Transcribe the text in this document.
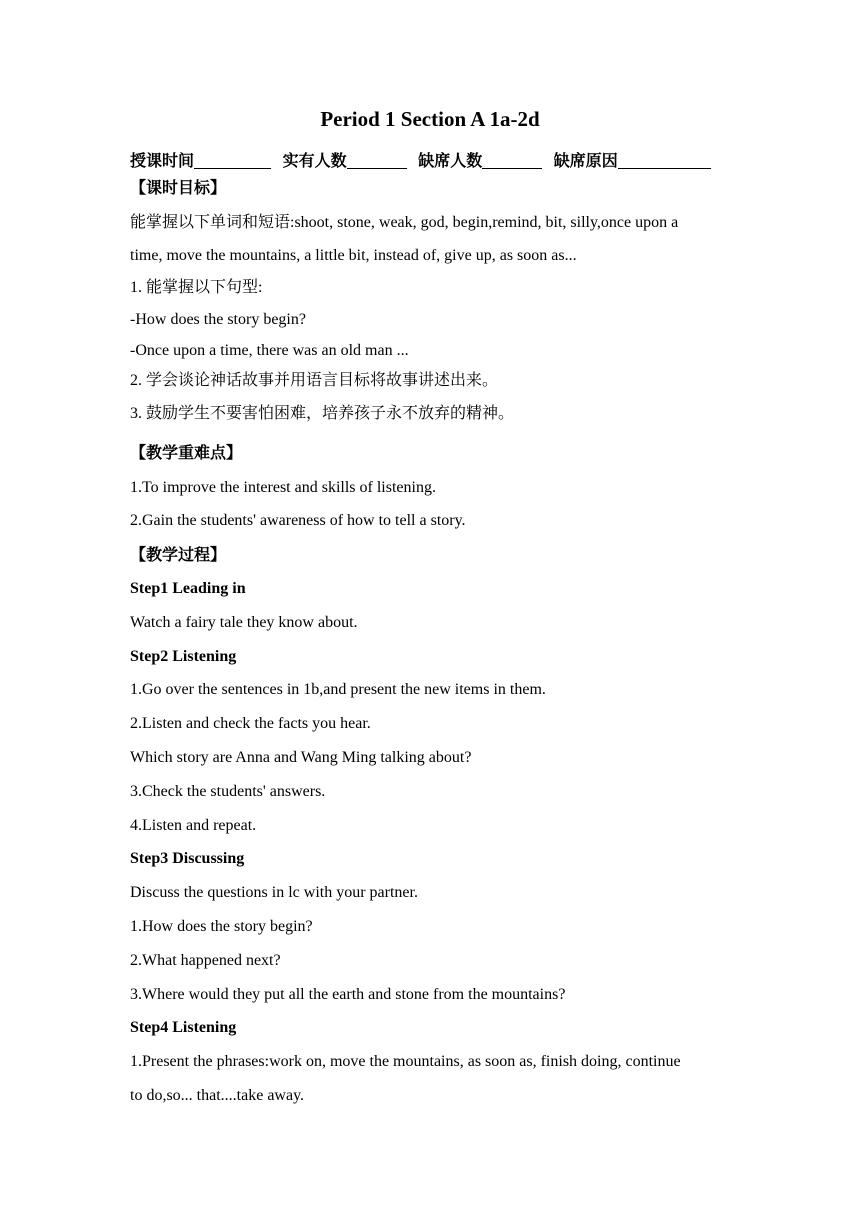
Period 1 Section A 1a-2d
授课时间	实有人数	缺席人数	缺席原因
【课时目标】
能掌握以下单词和短语:shoot, stone, weak, god, begin,remind, bit, silly,once upon a
time, move the mountains, a little bit, instead of, give up, as soon as...
1. 能掌握以下句型:
-How does the story begin?
-Once upon a time, there was an old man ...
2. 学会谈论神话故事并用语言目标将故事讲述出来。
3. 鼓励学生不要害怕困难，培养孩子永不放弃的精神。
【教学重难点】
1.To improve the interest and skills of listening.
2.Gain the students' awareness of how to tell a story.
【教学过程】
Step1 Leading in
Watch a fairy tale they know about.
Step2 Listening
1.Go over the sentences in 1b,and present the new items in them.
2.Listen and check the facts you hear.
Which story are Anna and Wang Ming talking about?
3.Check the students' answers.
4.Listen and repeat.
Step3 Discussing
Discuss the questions in lc with your partner.
1.How does the story begin?
2.What happened next?
3.Where would they put all the earth and stone from the mountains?
Step4 Listening
1.Present the phrases:work on, move the mountains, as soon as, finish doing, continue
to do,so... that....take away.
